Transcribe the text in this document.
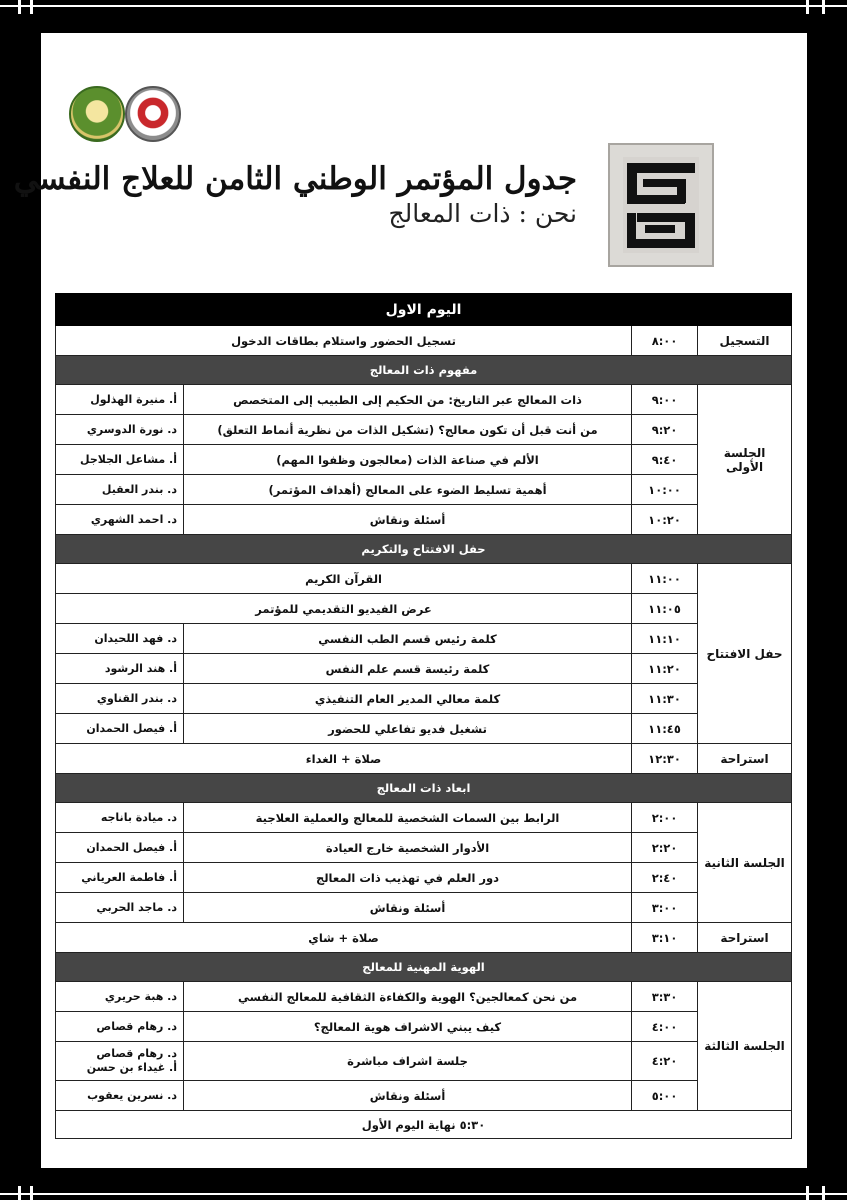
جدول المؤتمر الوطني الثامن للعلاج النفسي
نحن : ذات المعالج
اليوم الاول			
التسجيل	٨:٠٠	تسجيل الحضور واستلام بطاقات الدخول	
مفهوم ذات المعالج			
الجلسة الأولى	٩:٠٠	ذات المعالج عبر التاريخ: من الحكيم إلى الطبيب إلى المتخصص	أ. منيرة الهذلول

	٩:٢٠	من أنت قبل أن تكون معالج؟ (تشكيل الذات من نظرية أنماط التعلق)	د. نورة الدوسري

	٩:٤٠	الألم في صناعة الذات (معالجون وظفوا المهم)	أ. مشاعل الجلاجل

	١٠:٠٠	أهمية تسليط الضوء على المعالج (أهداف المؤتمر)	د. بندر العقيل

	١٠:٢٠	أسئلة ونقاش	د. احمد الشهري

حفل الافتتاح والتكريم			
حفل الافتتاح	١١:٠٠	القرآن الكريم	
	١١:٠٥	عرض الفيديو التقديمي للمؤتمر	
	١١:١٠	كلمة رئيس قسم الطب النفسي	د. فهد اللحيدان

	١١:٢٠	كلمة رئيسة قسم علم النفس	أ. هند الرشود

	١١:٣٠	كلمة معالي المدير العام التنفيذي	د. بندر القناوي

	١١:٤٥	تشغيل فديو تفاعلي للحضور	أ. فيصل الحمدان

استراحة	١٢:٣٠	صلاة + الغداء	
ابعاد ذات المعالج			
الجلسة الثانية	٢:٠٠	الرابط بين السمات الشخصية للمعالج والعملية العلاجية	د. ميادة باناجه

	٢:٢٠	الأدوار الشخصية خارج العيادة	أ. فيصل الحمدان

	٢:٤٠	دور العلم في تهذيب ذات المعالج	أ. فاطمة العرياني

	٣:٠٠	أسئلة ونقاش	د. ماجد الحربي

استراحة	٣:١٠	صلاة + شاي	
الهوية المهنية للمعالج			
الجلسة الثالثة	٣:٣٠	من نحن كمعالجين؟ الهوية والكفاءة الثقافية للمعالج النفسي	د. هبة حريري

	٤:٠٠	كيف يبني الاشراف هوية المعالج؟	د. رهام قصاص

	٤:٢٠	جلسة اشراف مباشرة	د. رهام قصاص
أ. غيداء بن حسن

	٥:٠٠	أسئلة ونقاش	د. نسرين يعقوب

٥:٣٠ نهاية اليوم الأول			
